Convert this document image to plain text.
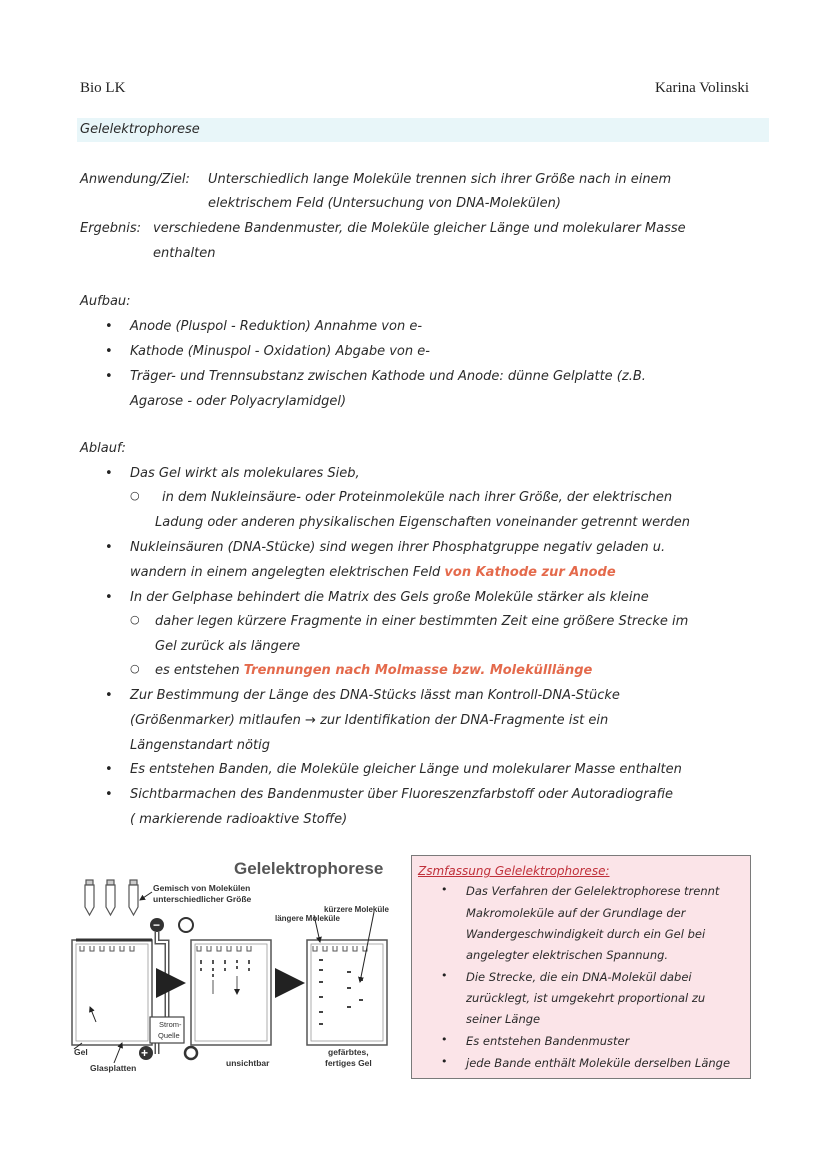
Bio LK	Karina Volinski
Gelelektrophorese
Anwendung/Ziel: Unterschiedlich lange Moleküle trennen sich ihrer Größe nach in einem
elektrischem Feld (Untersuchung von DNA-Molekülen)
Ergebnis: verschiedene Bandenmuster, die Moleküle gleicher Länge und molekularer Masse
enthalten
Aufbau:
• Anode (Pluspol - Reduktion) Annahme von e-
• Kathode (Minuspol - Oxidation) Abgabe von e-
• Träger- und Trennsubstanz zwischen Kathode und Anode: dünne Gelplatte (z.B.
Agarose - oder Polyacrylamidgel)
Ablauf:
• Das Gel wirkt als molekulares Sieb,
○ in dem Nukleinsäure- oder Proteinmoleküle nach ihrer Größe, der elektrischen
Ladung oder anderen physikalischen Eigenschaften voneinander getrennt werden
• Nukleinsäuren (DNA-Stücke) sind wegen ihrer Phosphatgruppe negativ geladen u.
wandern in einem angelegten elektrischen Feld von Kathode zur Anode
• In der Gelphase behindert die Matrix des Gels große Moleküle stärker als kleine
○ daher legen kürzere Fragmente in einer bestimmten Zeit eine größere Strecke im
Gel zurück als längere
○ es entstehen Trennungen nach Molmasse bzw. Molekülllänge
• Zur Bestimmung der Länge des DNA-Stücks lässt man Kontroll-DNA-Stücke
(Größenmarker) mitlaufen → zur Identifikation der DNA-Fragmente ist ein
Längenstandart nötig
• Es entstehen Banden, die Moleküle gleicher Länge und molekularer Masse enthalten
• Sichtbarmachen des Bandenmuster über Fluoreszenzfarbstoff oder Autoradiografie
( markierende radioaktive Stoffe)
Gelelektrophorese
Gemisch von Molekülen
unterschiedlicher Größe
−
Strom-
Quelle
+
kürzere Moleküle
längere Moleküle
Gel
Glasplatten	unsichtbar
gefärbtes,
fertiges Gel
Zsmfassung Gelelektrophorese:
• Das Verfahren der Gelelektrophorese trennt
Makromoleküle auf der Grundlage der
Wandergeschwindigkeit durch ein Gel bei
angelegter elektrischen Spannung.
• Die Strecke, die ein DNA-Molekül dabei
zurücklegt, ist umgekehrt proportional zu
seiner Länge
• Es entstehen Bandenmuster
• jede Bande enthält Moleküle derselben Länge
